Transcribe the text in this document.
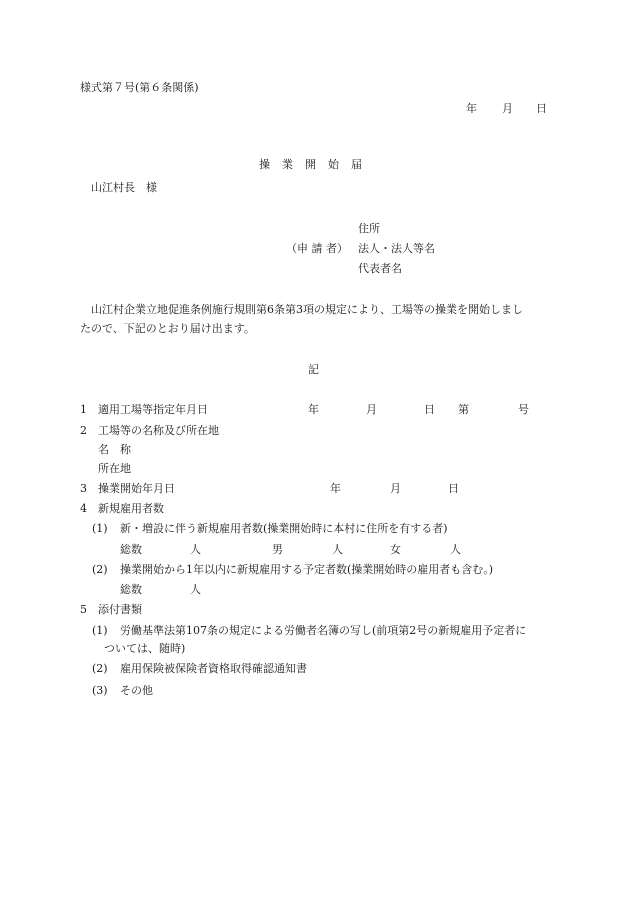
様式第７号(第６条関係)
年 月 日

操 業 開 始 届

山江村長　様
住所
（申 請 者） 法人・法人等名
代表者名
山江村企業立地促進条例施行規則第6条第3項の規定により、工場等の操業を開始しまし
たので、下記のとおり届け出ます。
記
1 適用工場等指定年月日	年	月	日 第	号
2 工場等の名称及び所在地
名　称
所在地
3 操業開始年月日	年	月	日
4 新規雇用者数
(1) 新・増設に伴う新規雇用者数(操業開始時に本村に住所を有する者)
総数	人	男	人	女	人
(2) 操業開始から1年以内に新規雇用する予定者数(操業開始時の雇用者も含む。)
総数	人
5 添付書類
(1) 労働基準法第107条の規定による労働者名簿の写し(前項第2号の新規雇用予定者に
ついては、随時)
(2) 雇用保険被保険者資格取得確認通知書
(3) その他
